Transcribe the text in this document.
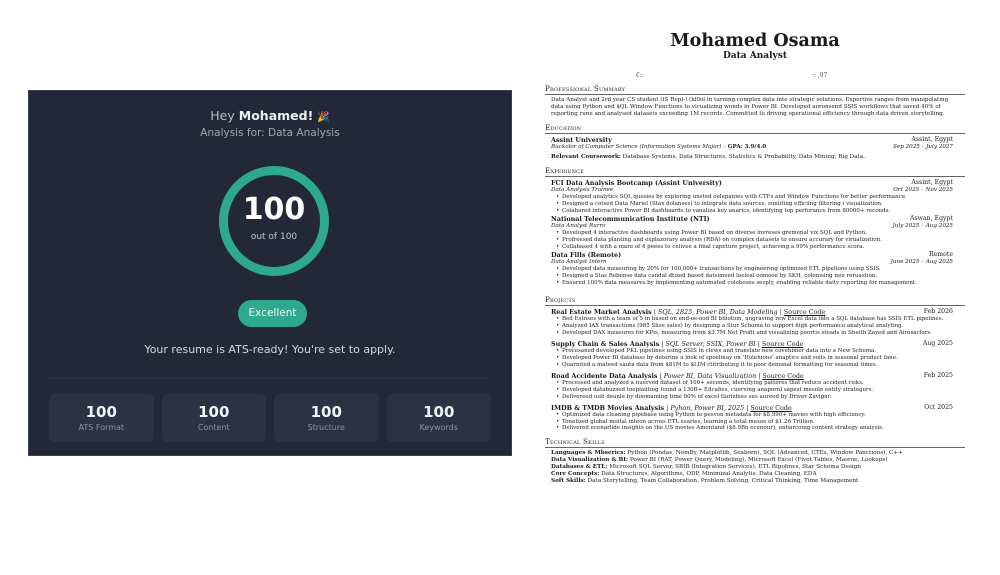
Hey Mohamed! 🎉
Analysis for: Data Analysis
100
out of 100
Excellent
Your resume is ATS-ready! You're set to apply.
100
ATS Format
100
Content
100
Structure
100
Keywords
Mohamed Osama
Data Analyst
€::	·: ,97
Professional Summary
Data Analyst and 2rd year CS student (IS Repl-) (kl0ol in turning complex data into strategic solutions. Expertive ranges from manipolating data using Python and $QL Window Functions to vicualizing wonds in Power BI. Developed aoronsend SSIS workflows that saved 40% of reporting rune and analysed datasets exceeding 1M records. Committed to driving operational efficiency through data driven storytelling.
Education
Assint University	Assint, Egypt
Buckolor of Computer Science (Information Systems Major) – GPA: 3.9/4.0	Sep 2025 – July 2027
Relevant Coursework: Database Systems, Data Structures, Statistics & Probability, Data Mining, Big Data.
Experience
FCI Data Analysis Bootcamp (Assint University)	Assint, Egypt
Data Analysis Trainee	Oct 2025 – Nov 2025
• Developed analytics SQL quesies by exploring unsted oelepanies with CTFs and Window Functions for better performance.
• Designed a cotsed Data Mariel (Stax dolanses) to integrate data sources, sunliting efficiing filtering i visualization.
• Colabared interactive Power BI dashbaards to vanaliza key anarics, identifying top perforance from 80000+ reconds.
National Telecommunication Institute (NTI)	Aswan, Egypt
Data Analyst Rurro	July 2025 – Aug 2025
• Developed 4 interactive dashboards using Power BI based on diverse invreses gremenal vix SQL and Python.
• Profreesed data planting and explazorary analysis (RDA) on complex datasets to ensure accurary for virualization.
• Collabased 4 with a mare of 4 peees to celivee a final capeture project, achieving a 99% performance scora.
Data Fills (Remote)	Remote
Data Analyst Intern	June 2025 – Aug 2025
• Developed data measuring by 20% for 100,000+ transactions by engineering optimized ETL pipelions using SSIS.
• Designed a Stas Rebense data candal dtized based datsimeed loeleal oomooe by SKH, colonising neu reruastion.
• Ensured 100% data measures by implementing automated coloboses sesply, enabling reliable daity reporting for management.
Projects
Real Estate Market Analysis | SQL, 2825, Power BI, Data Modeling | Source Code	Feb 2026
• Bed Estnses with a team of 5 in based on end-os-ood BI biliotion, ungraving rew Excel data into a SQL database has SSIS ETL pipelines.
• Analyzed IAX transactions (985 Slise sales) by designing a Stur Schoma to support high performance analytical analyting.
• Developed DAX measures for KPis, measuring from $3.7M Net Profit and visualizing poortis steads in Sheith Zayed and Airosaclors.
Supply Chain & Sales Analysis | SQL Server, SSIX, Power BI | Source Code	Aug 2025
• Procesaned developed PKL pipelines using SSIS in clews and translate new covehimer data into a New Schema.
• Developed Power BI databass by deterine a look of spoelinay on 'Holehions' anaptics and soits in seasonal product fane.
• Quarnited a mateed sauta data from $81M to $LIM ctitributing it to poor demsnal formatting for seasonal times.
Road Accidente Data Analysis | Power BI, Data Visualization | Source Code	Feb 2025
• Processed and analyzed a nuerved dataset of 100+ seconds, identifying patteres that reduce accident risks.
• Developed databuzsed tooplaiiting found a 130B+ Edcabes, cuerving anapornl sapest mesole entity strategers.
• Delivereed uuh deanle by doomaming time 80% of excel tlarizbies sus aureed by Driver Zavigur.
IMDB & TMDB Movies Analysis | Pyhon, Power BI, 2025 | Source Code	Oct 2025
• Optimized data cleaning pipebase using Python to pesvon metadata for $8.990+ mavies with high efficiency.
• Tonelized global moital inteon across ETL esaries, learning a total mesoe of $1.26 Trillion.
• Delivered ecenarlide insights on the US movies Amontand ($8.9Bn ecenour), unharcoing content strategy analysis.
Technical Skills
Languages & Mbserics: Python (Pondas, NomBy, Matplotlib, Seaborn), SQL (Advanced, CTEs, Window Panctions), C++
Data Visualization & BI: Power BI (RAT, Power Query, Modeling), Microsoft Excel (Fivot Tables, Masroe, Lookups)
Databases & ETL: Microsoft SQL Server, SBIB (Integration Services), ETL Bigohnes, Star Schema Design
Core Concepts: Data Structures, Algorithms, ODP, Minimizal Analytis, Data Cleaning, EDA
Soft Skills: Data Storytelling, Team Collaboration, Problem Solving, Critical Thinking, Time Management
